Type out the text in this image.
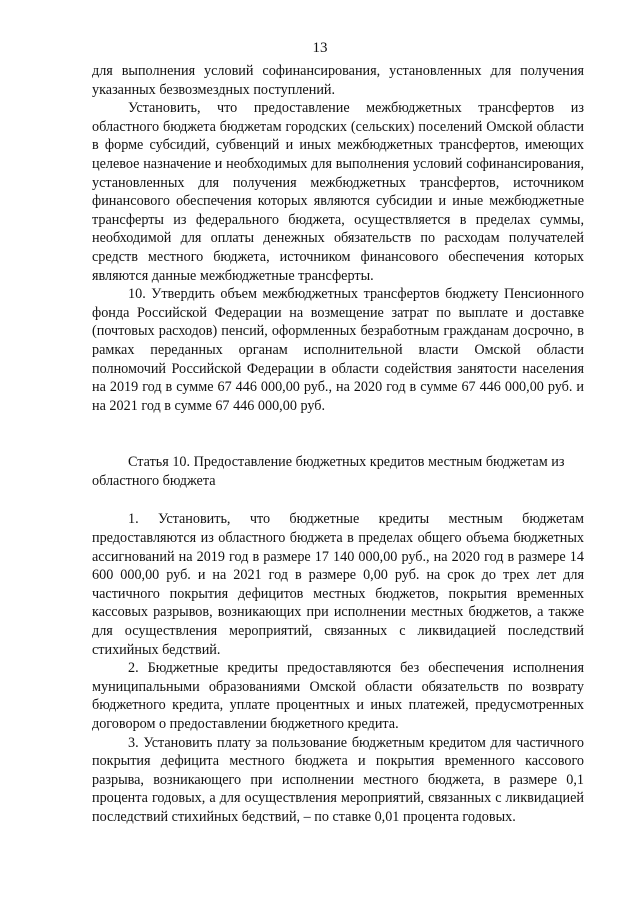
13

для выполнения условий софинансирования, установленных для получения указанных безвозмездных поступлений.

Установить, что предоставление межбюджетных трансфертов из областного бюджета бюджетам городских (сельских) поселений Омской области в форме субсидий, субвенций и иных межбюджетных трансфертов, имеющих целевое назначение и необходимых для выполнения условий софинансирования, установленных для получения межбюджетных трансфертов, источником финансового обеспечения которых являются субсидии и иные межбюджетные трансферты из федерального бюджета, осуществляется в пределах суммы, необходимой для оплаты денежных обязательств по расходам получателей средств местного бюджета, источником финансового обеспечения которых являются данные межбюджетные трансферты.

10. Утвердить объем межбюджетных трансфертов бюджету Пенсионного фонда Российской Федерации на возмещение затрат по выплате и доставке (почтовых расходов) пенсий, оформленных безработным гражданам досрочно, в рамках переданных органам исполнительной власти Омской области полномочий Российской Федерации в области содействия занятости населения на 2019 год в сумме 67 446 000,00 руб., на 2020 год в сумме 67 446 000,00 руб. и на 2021 год в сумме 67 446 000,00 руб.

Статья 10. Предоставление бюджетных кредитов местным бюджетам из областного бюджета

1. Установить, что бюджетные кредиты местным бюджетам предоставляются из областного бюджета в пределах общего объема бюджетных ассигнований на 2019 год в размере 17 140 000,00 руб., на 2020 год в размере 14 600 000,00 руб. и на 2021 год в размере 0,00 руб. на срок до трех лет для частичного покрытия дефицитов местных бюджетов, покрытия временных кассовых разрывов, возникающих при исполнении местных бюджетов, а также для осуществления мероприятий, связанных с ликвидацией последствий стихийных бедствий.

2. Бюджетные кредиты предоставляются без обеспечения исполнения муниципальными образованиями Омской области обязательств по возврату бюджетного кредита, уплате процентных и иных платежей, предусмотренных договором о предоставлении бюджетного кредита.

3. Установить плату за пользование бюджетным кредитом для частичного покрытия дефицита местного бюджета и покрытия временного кассового разрыва, возникающего при исполнении местного бюджета, в размере 0,1 процента годовых, а для осуществления мероприятий, связанных с ликвидацией последствий стихийных бедствий, – по ставке 0,01 процента годовых.
